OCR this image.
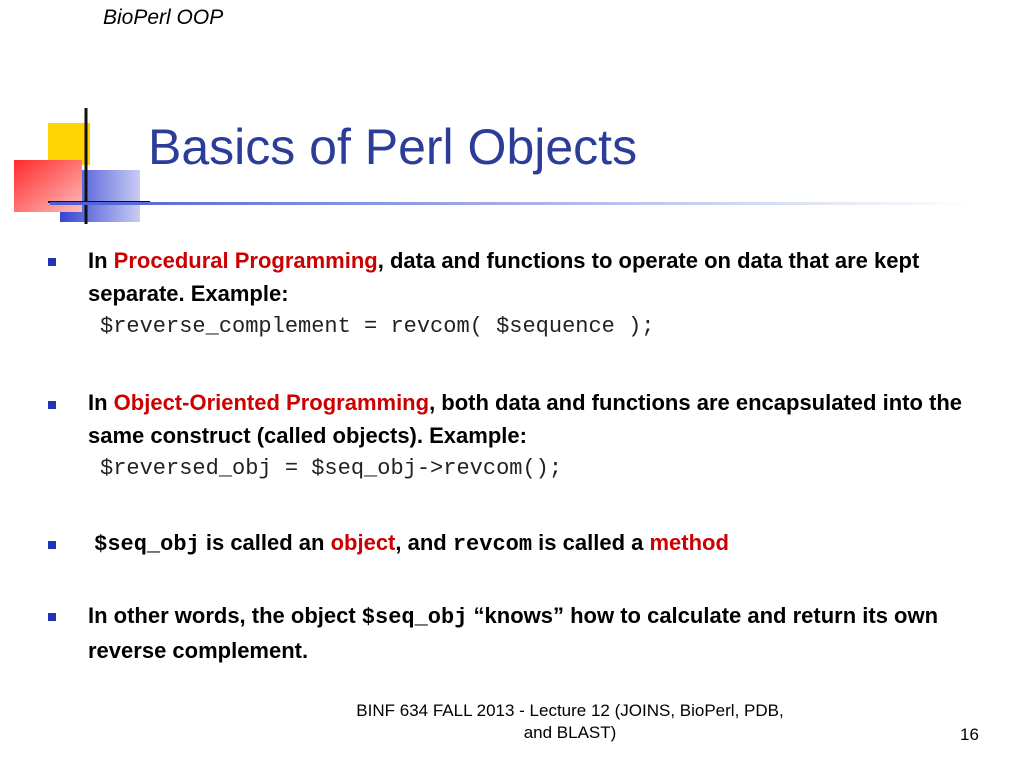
BioPerl OOP
Basics of Perl Objects
In Procedural Programming, data and functions to operate on data that are kept separate. Example:
$reverse_complement = revcom( $sequence );
In Object-Oriented Programming, both data and functions are encapsulated into the same construct (called objects). Example:
$reversed_obj = $seq_obj->revcom();
$seq_obj is called an object, and revcom is called a method
In other words, the object $seq_obj “knows” how to calculate and return its own reverse complement.
BINF 634 FALL 2013 - Lecture 12 (JOINS, BioPerl, PDB,
and BLAST)	16
